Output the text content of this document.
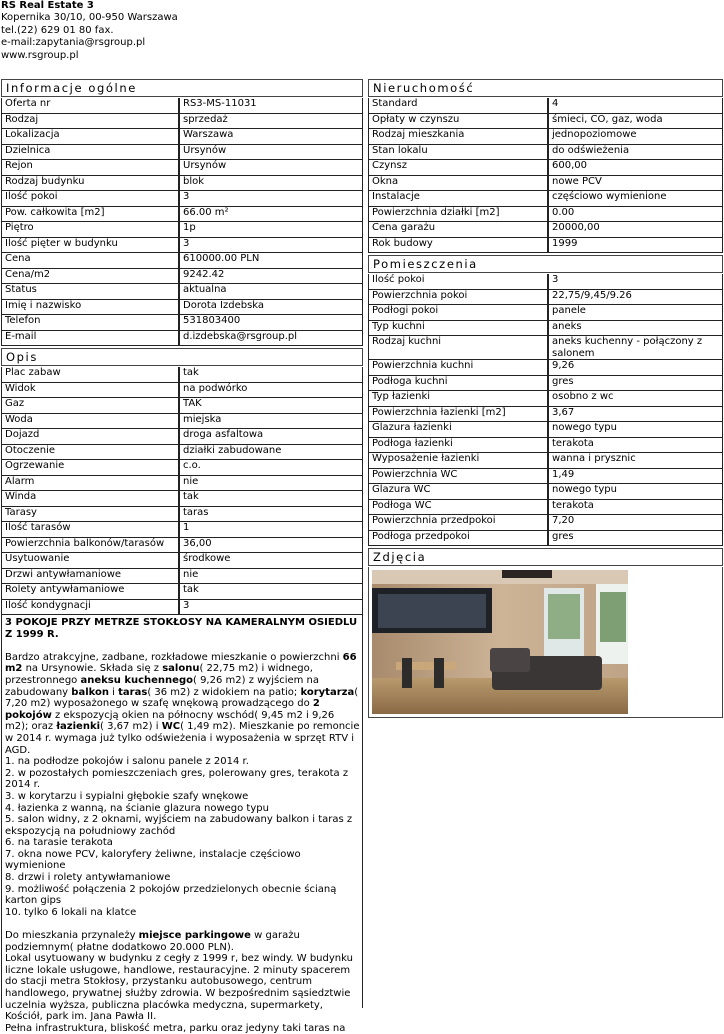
RS Real Estate 3
Kopernika 30/10, 00-950 Warszawa
tel.(22) 629 01 80 fax.
e-mail:zapytania@rsgroup.pl
www.rsgroup.pl
Informacje ogólne
Oferta nr	RS3-MS-11031
Rodzaj	sprzedaż
Lokalizacja	Warszawa
Dzielnica	Ursynów
Rejon	Ursynów
Rodzaj budynku	blok
Ilość pokoi	3
Pow. całkowita [m2]	66.00 m²
Piętro	1p
Ilość pięter w budynku	3
Cena	610000.00 PLN
Cena/m2	9242.42
Status	aktualna
Imię i nazwisko	Dorota Izdebska
Telefon	531803400
E-mail	d.izdebska@rsgroup.pl
Opis
Plac zabaw	tak
Widok	na podwórko
Gaz	TAK
Woda	miejska
Dojazd	droga asfaltowa
Otoczenie	działki zabudowane
Ogrzewanie	c.o.
Alarm	nie
Winda	tak
Tarasy	taras
Ilość tarasów	1
Powierzchnia balkonów/tarasów	36,00
Usytuowanie	środkowe
Drzwi antywłamaniowe	nie
Rolety antywłamaniowe	tak
Ilość kondygnacji	3

3 POKOJE PRZY METRZE STOKŁOSY NA KAMERALNYM OSIEDLU Z 1999 R.

Bardzo atrakcyjne, zadbane, rozkładowe mieszkanie o powierzchni 66 m2 na Ursynowie. Składa się z salonu( 22,75 m2) i widnego, przestronnego aneksu kuchennego( 9,26 m2) z wyjściem na zabudowany balkon i taras( 36 m2) z widokiem na patio; korytarza( 7,20 m2) wyposażonego w szafę wnękową prowadzącego do 2 pokojów z ekspozycją okien na północny wschód( 9,45 m2 i 9,26 m2); oraz łazienki( 3,67 m2) i WC( 1,49 m2). Mieszkanie po remoncie w 2014 r. wymaga już tylko odświeżenia i wyposażenia w sprzęt RTV i AGD.

1. na podłodze pokojów i salonu panele z 2014 r.

2. w pozostałych pomieszczeniach gres, polerowany gres, terakota z 2014 r.

3. w korytarzu i sypialni głębokie szafy wnękowe

4. łazienka z wanną, na ścianie glazura nowego typu

5. salon widny, z 2 oknami, wyjściem na zabudowany balkon i taras z ekspozycją na południowy zachód

6. na tarasie terakota

7. okna nowe PCV, kaloryfery żeliwne, instalacje częściowo wymienione

8. drzwi i rolety antywłamaniowe

9. możliwość połączenia 2 pokojów przedzielonych obecnie ścianą karton gips

10. tylko 6 lokali na klatce

Do mieszkania przynależy miejsce parkingowe w garażu podziemnym( płatne dodatkowo 20.000 PLN).

Lokal usytuowany w budynku z cegły z 1999 r, bez windy. W budynku liczne lokale usługowe, handlowe, restauracyjne. 2 minuty spacerem do stacji metra Stokłosy, przystanku autobusowego, centrum handlowego, prywatnej służby zdrowia. W bezpośrednim sąsiedztwie uczelnia wyższa, publiczna placówka medyczna, supermarkety, Kościół, park im. Jana Pawła II.

Pełna infrastruktura, bliskość metra, parku oraz jedyny taki taras na

Nieruchomość
Standard	4
Opłaty w czynszu	śmieci, CO, gaz, woda
Rodzaj mieszkania	jednopoziomowe
Stan lokalu	do odświeżenia
Czynsz	600,00
Okna	nowe PCV
Instalacje	częściowo wymienione
Powierzchnia działki [m2]	0.00
Cena garażu	20000,00
Rok budowy	1999
Pomieszczenia
Ilość pokoi	3
Powierzchnia pokoi	22,75/9,45/9.26
Podłogi pokoi	panele
Typ kuchni	aneks
Rodzaj kuchni	aneks kuchenny - połączony z salonem
Powierzchnia kuchni	9,26
Podłoga kuchni	gres
Typ łazienki	osobno z wc
Powierzchnia łazienki [m2]	3,67
Glazura łazienki	nowego typu
Podłoga łazienki	terakota
Wyposażenie łazienki	wanna i prysznic
Powierzchnia WC	1,49
Glazura WC	nowego typu
Podłoga WC	terakota
Powierzchnia przedpokoi	7,20
Podłoga przedpokoi	gres
Zdjęcia
